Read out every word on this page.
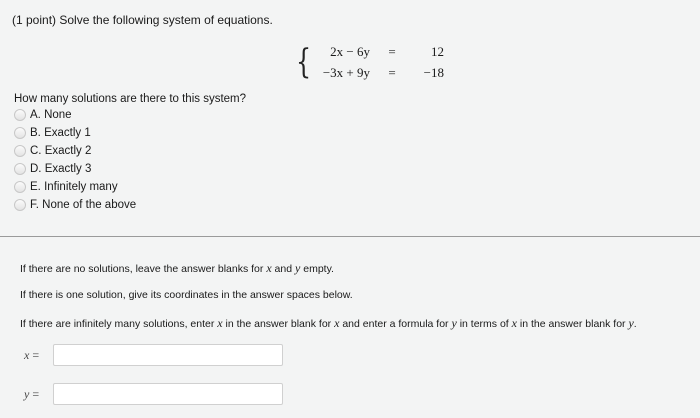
(1 point) Solve the following system of equations.
{	2x − 6y	=	12
−3x + 9y	=	−18
How many solutions are there to this system?
A.
None
B.
Exactly 1
C.
Exactly 2
D.
Exactly 3
E.
Infinitely many
F.
None of the above
If there are no solutions, leave the answer blanks for x and y empty.
If there is one solution, give its coordinates in the answer spaces below.
If there are infinitely many solutions, enter x in the answer blank for x and enter a formula for y in terms of x in the answer blank for y.
x =
y =
